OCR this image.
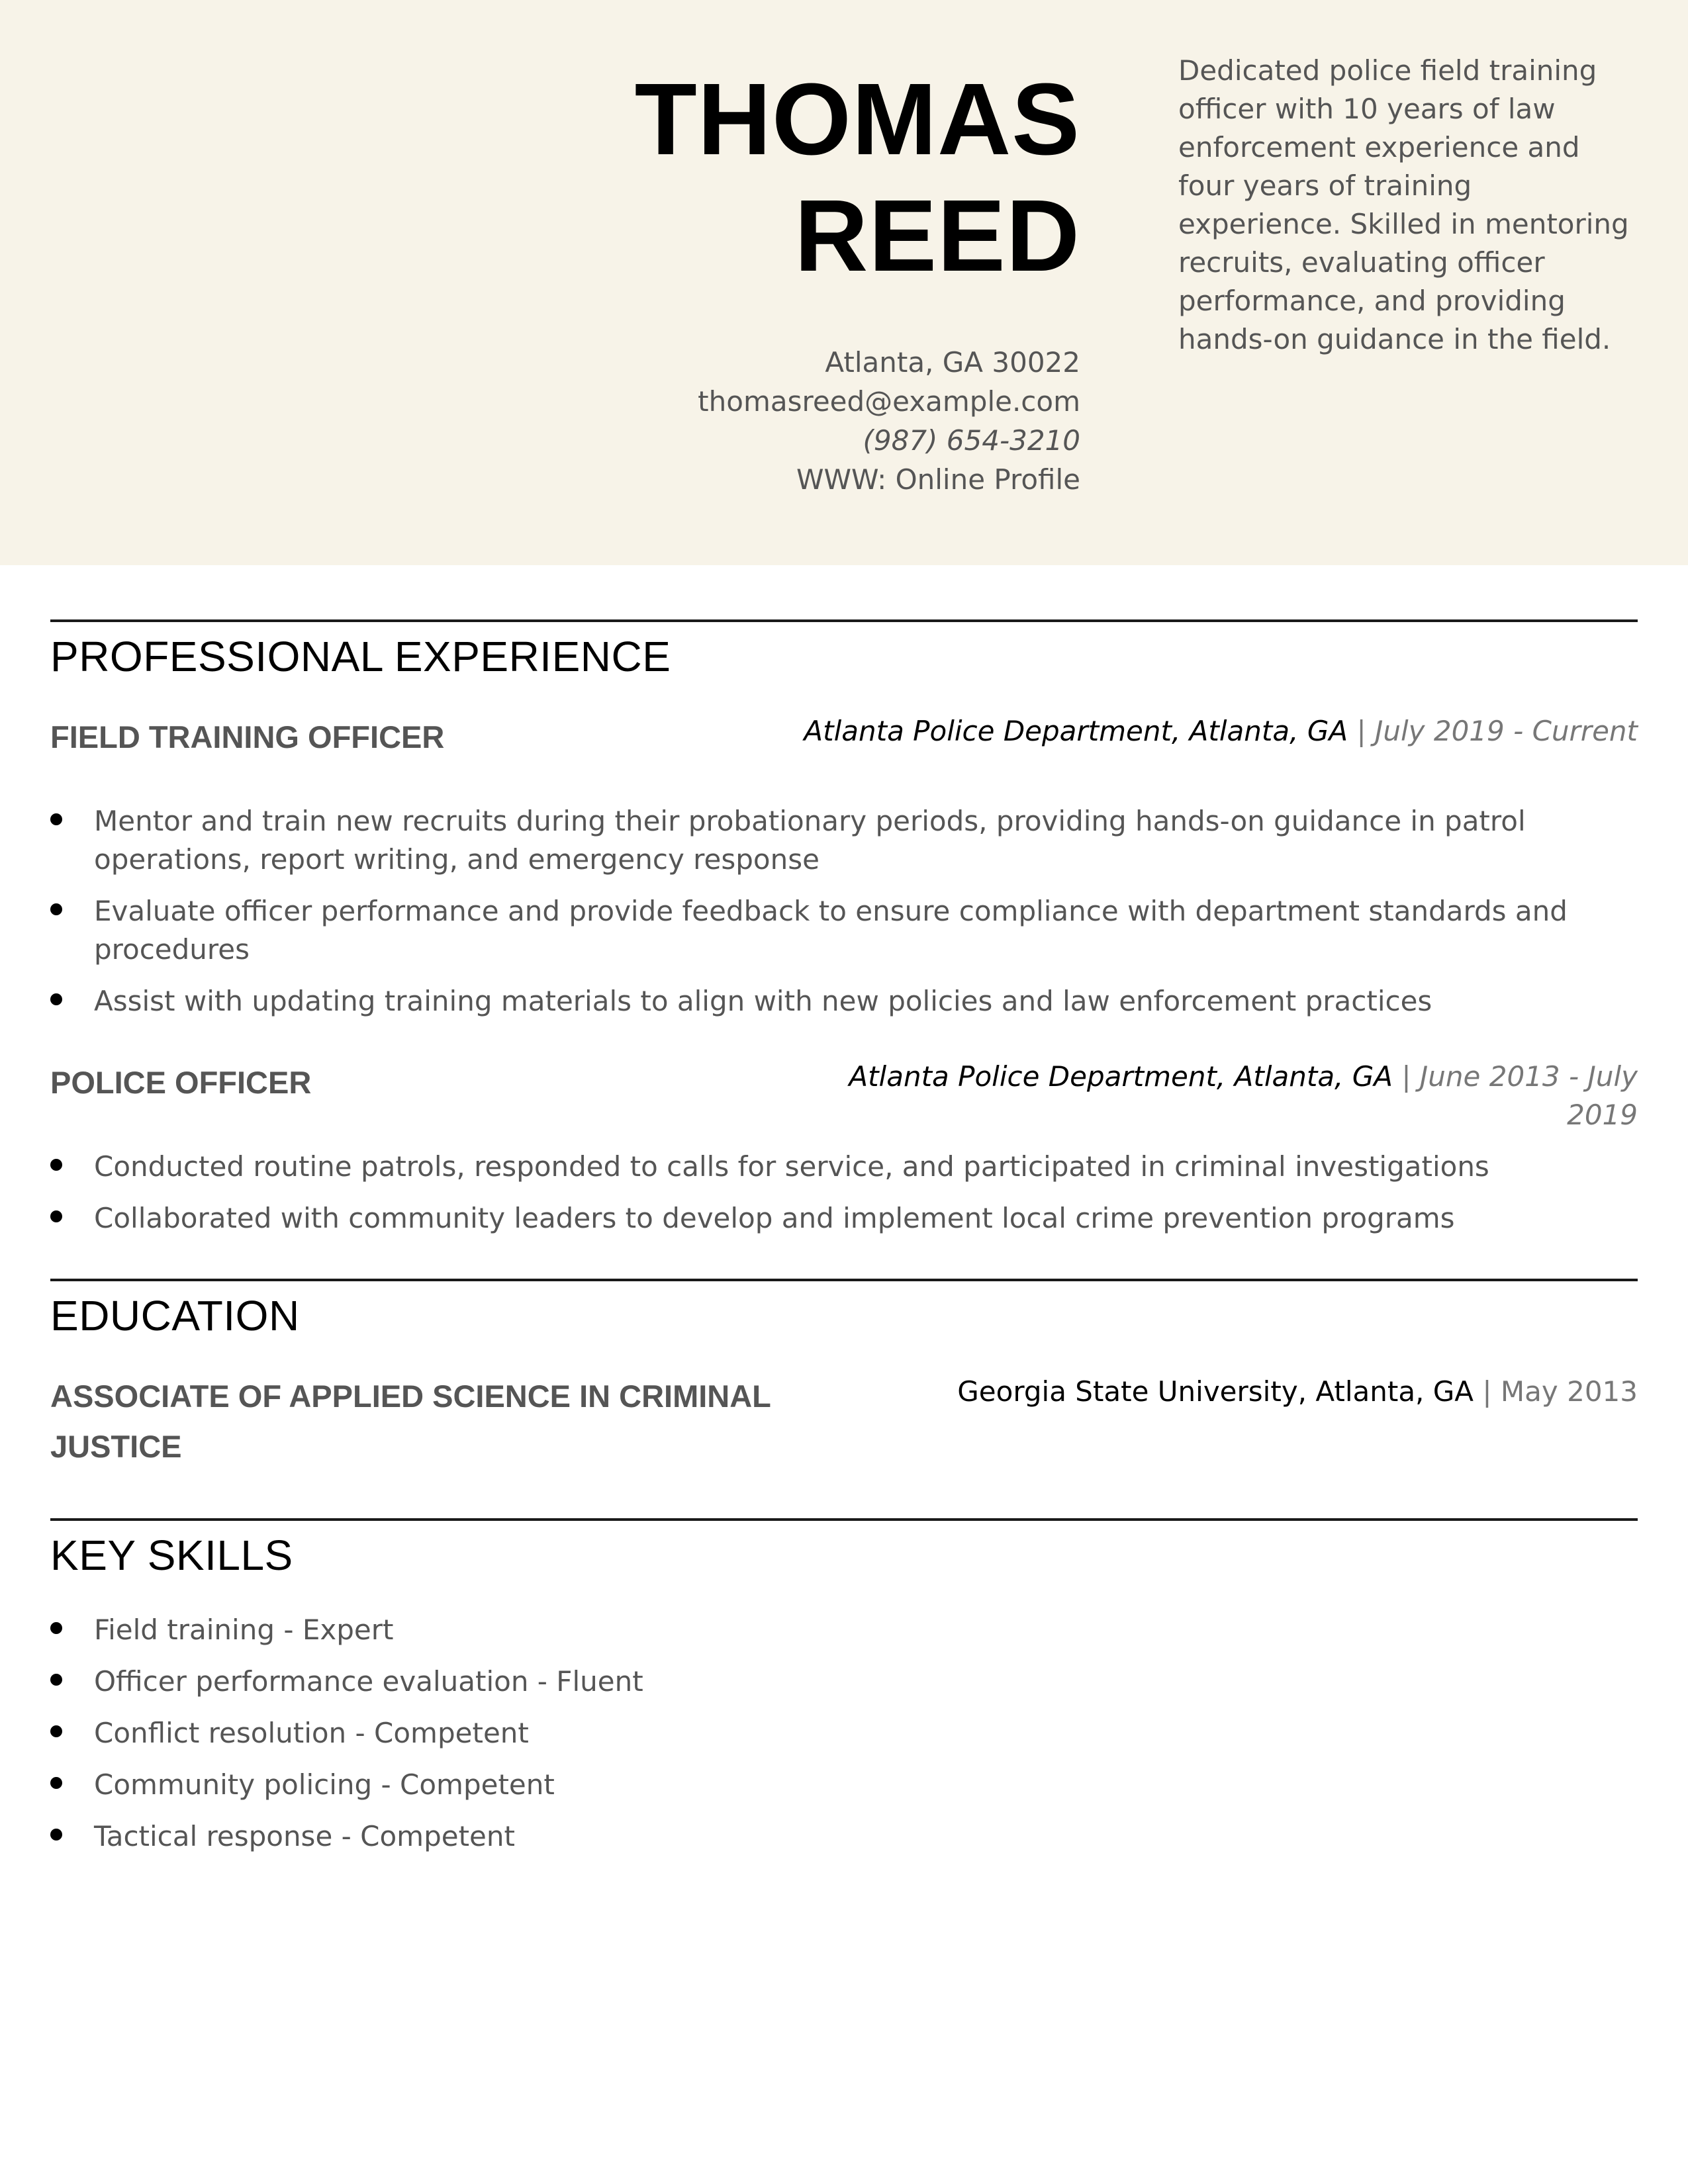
THOMAS
REED
Atlanta, GA 30022
thomasreed@example.com
(987) 654-3210
WWW: Online Profile
Dedicated police field training officer with 10 years of law enforcement experience and four years of training experience. Skilled in mentoring recruits, evaluating officer performance, and providing hands-on guidance in the field.
PROFESSIONAL EXPERIENCE
FIELD TRAINING OFFICER	Atlanta Police Department, Atlanta, GA | July 2019 - Current
Mentor and train new recruits during their probationary periods, providing hands-on guidance in patrol operations, report writing, and emergency response
Evaluate officer performance and provide feedback to ensure compliance with department standards and procedures
Assist with updating training materials to align with new policies and law enforcement practices
POLICE OFFICER	Atlanta Police Department, Atlanta, GA | June 2013 - July 2019
Conducted routine patrols, responded to calls for service, and participated in criminal investigations
Collaborated with community leaders to develop and implement local crime prevention programs
EDUCATION
ASSOCIATE OF APPLIED SCIENCE IN CRIMINAL JUSTICE
Georgia State University, Atlanta, GA | May 2013
KEY SKILLS
Field training - Expert
Officer performance evaluation - Fluent
Conflict resolution - Competent
Community policing - Competent
Tactical response - Competent
